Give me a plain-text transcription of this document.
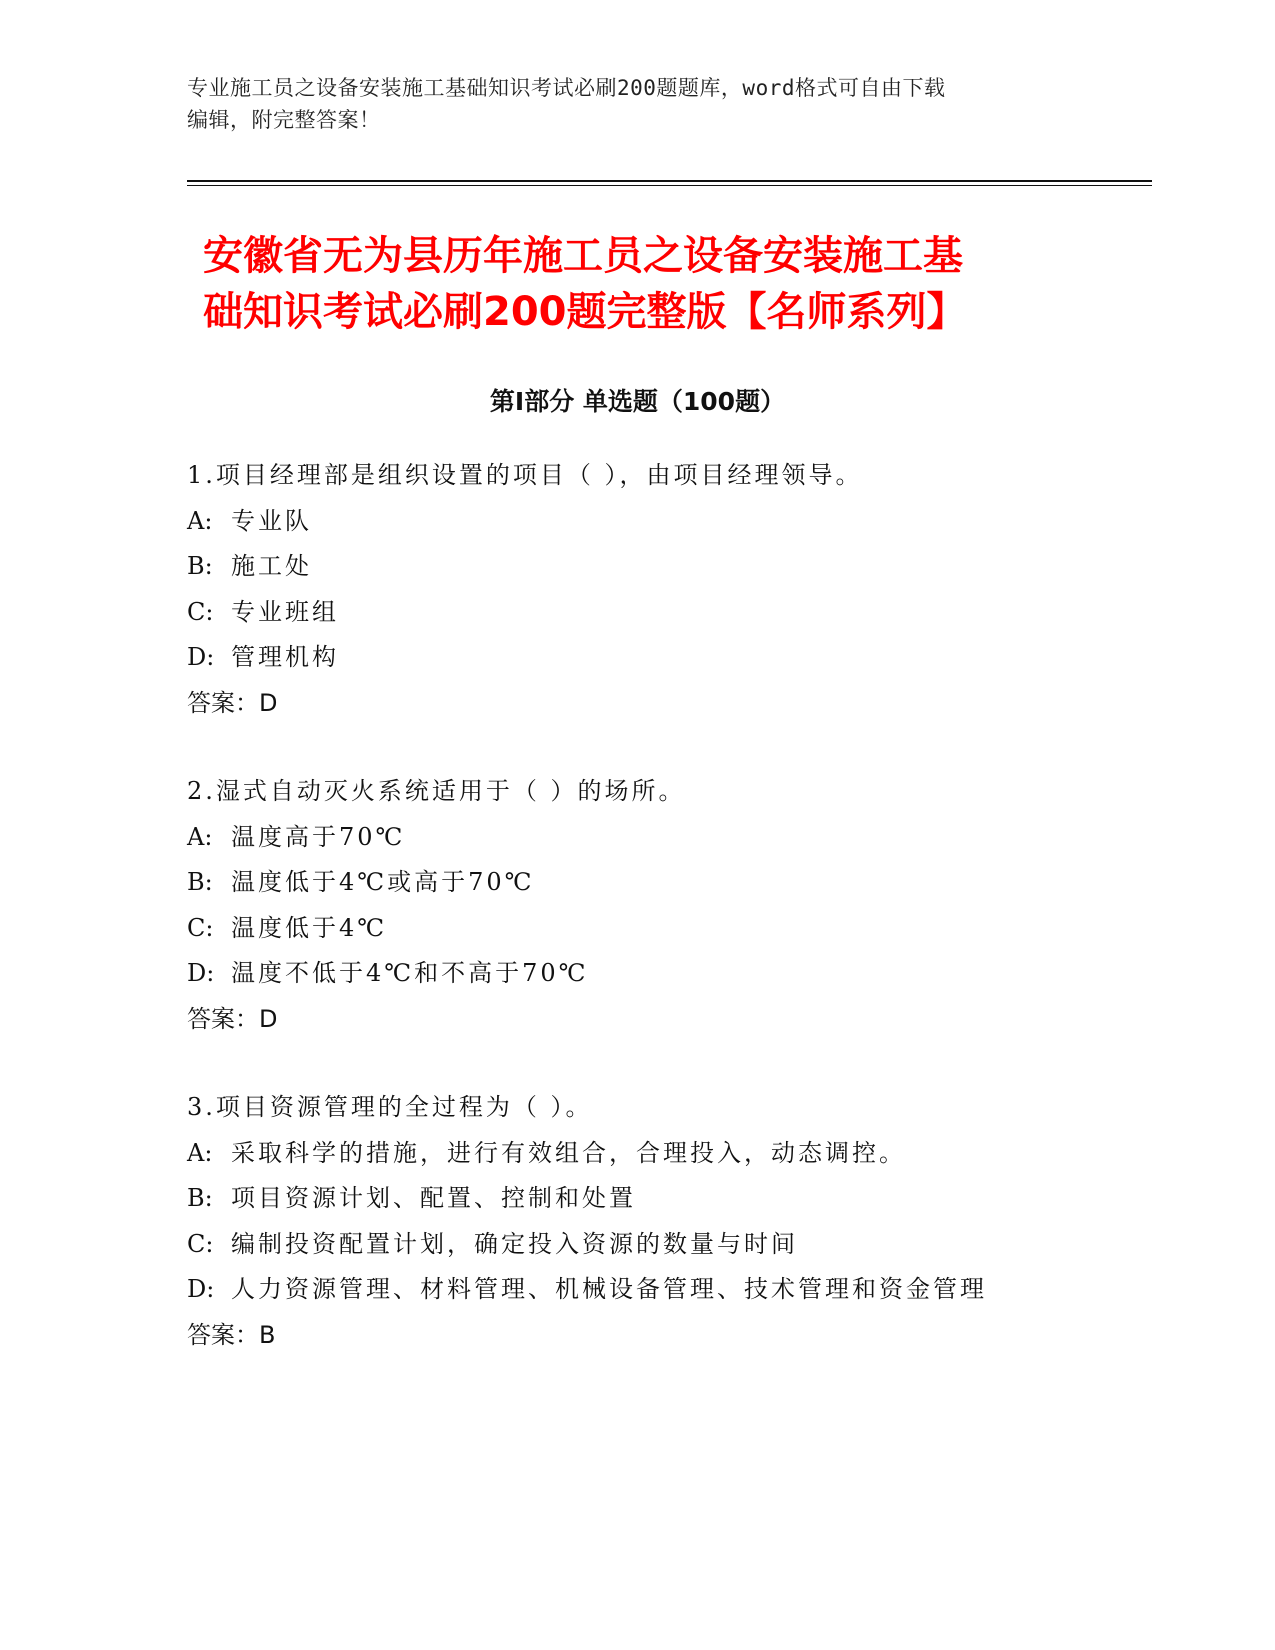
专业施工员之设备安装施工基础知识考试必刷200题题库，word格式可自由下载
编辑，附完整答案！
安徽省无为县历年施工员之设备安装施工基
础知识考试必刷200题完整版【名师系列】
第Ⅰ部分 单选题（100题）
1.项目经理部是组织设置的项目（ ），由项目经理领导。
A: 专业队
B: 施工处
C: 专业班组
D: 管理机构
答案：D
2.湿式自动灭火系统适用于（ ）的场所。
A: 温度高于70℃
B: 温度低于4℃或高于70℃
C: 温度低于4℃
D: 温度不低于4℃和不高于70℃
答案：D
3.项目资源管理的全过程为（ ）。
A: 采取科学的措施，进行有效组合，合理投入，动态调控。
B: 项目资源计划、配置、控制和处置
C: 编制投资配置计划，确定投入资源的数量与时间
D: 人力资源管理、材料管理、机械设备管理、技术管理和资金管理
答案：B
